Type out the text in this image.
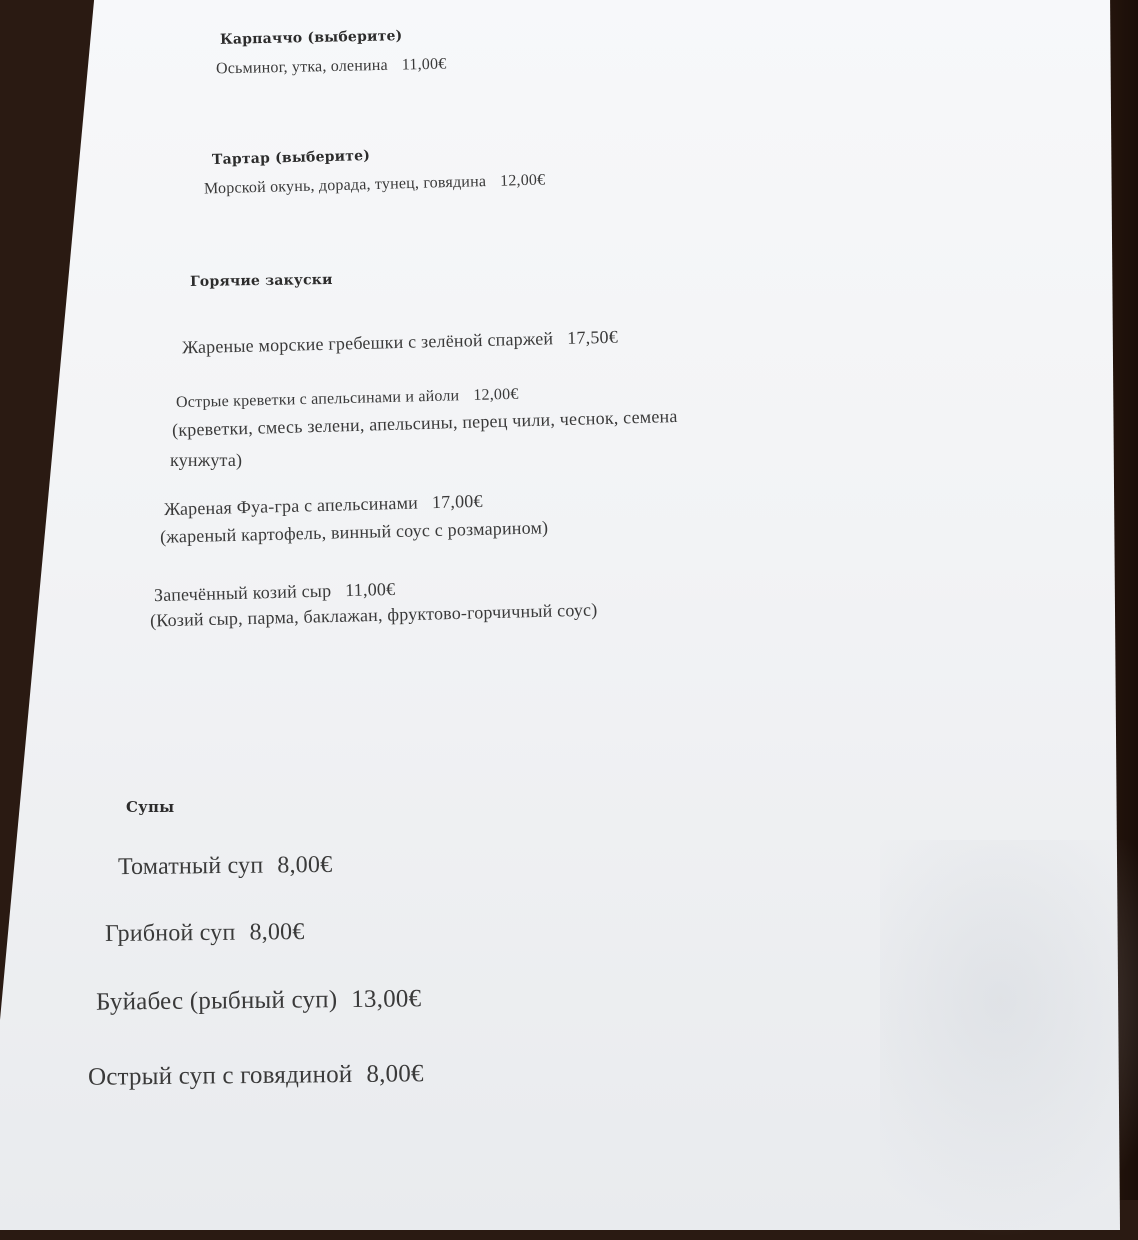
Карпаччо (выберите)
Осьминог, утка, оленина 11,00€
Тартар (выберите)
Морской окунь, дорада, тунец, говядина 12,00€
Горячие закуски
Жареные морские гребешки с зелёной спаржей 17,50€
Острые креветки с апельсинами и айоли 12,00€
(креветки, смесь зелени, апельсины, перец чили, чеснок, семена
кунжута)
Жареная Фуа-гра с апельсинами 17,00€
(жареный картофель, винный соус с розмарином)
Запечённый козий сыр 11,00€
(Козий сыр, парма, баклажан, фруктово-горчичный соус)
Супы
Томатный суп 8,00€
Грибной суп 8,00€
Буйабес (рыбный суп) 13,00€
Острый суп с говядиной 8,00€
